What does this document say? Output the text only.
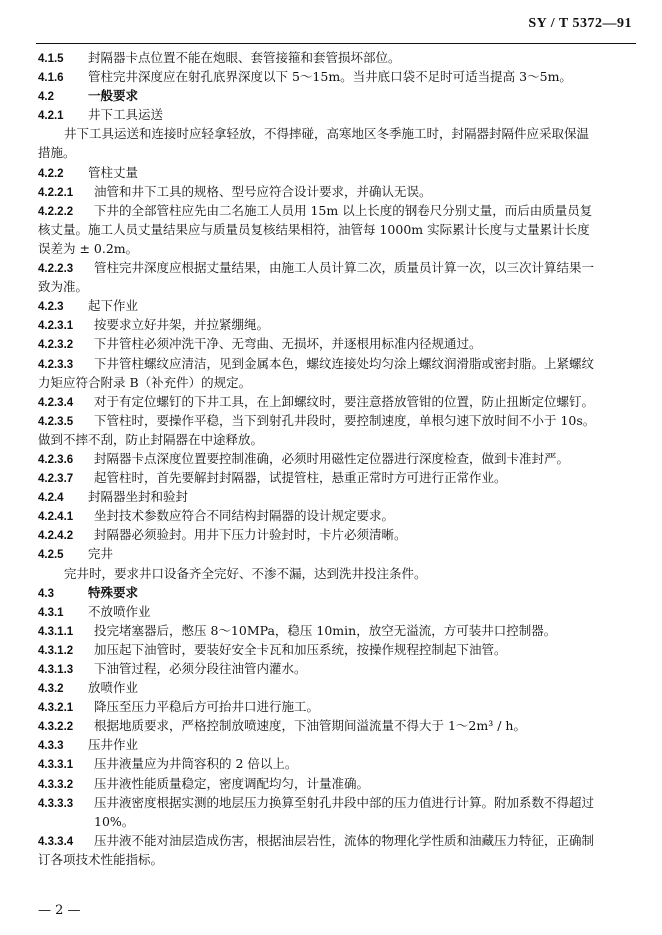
SY / T 5372—91
4.1.5 封隔器卡点位置不能在炮眼、套管接箍和套管损坏部位。
4.1.6 管柱完井深度应在射孔底界深度以下 5～15m。当井底口袋不足时可适当提高 3～5m。
4.2	一般要求
4.2.1 井下工具运送
井下工具运送和连接时应轻拿轻放，不得摔碰，高寒地区冬季施工时，封隔器封隔件应采取保温
措施。
4.2.2 管柱丈量
4.2.2.1 油管和井下工具的规格、型号应符合设计要求，并确认无误。
4.2.2.2 下井的全部管柱应先由二名施工人员用 15m 以上长度的钢卷尺分别丈量，而后由质量员复
核丈量。施工人员丈量结果应与质量员复核结果相符，油管每 1000m 实际累计长度与丈量累计长度
误差为 ± 0.2m。
4.2.2.3 管柱完井深度应根据丈量结果，由施工人员计算二次，质量员计算一次，以三次计算结果一
致为准。
4.2.3 起下作业
4.2.3.1 按要求立好井架，并拉紧绷绳。
4.2.3.2 下井管柱必须冲洗干净、无弯曲、无损坏，并逐根用标准内径规通过。
4.2.3.3 下井管柱螺纹应清洁，见到金属本色，螺纹连接处均匀涂上螺纹润滑脂或密封脂。上紧螺纹
力矩应符合附录 B（补充件）的规定。
4.2.3.4 对于有定位螺钉的下井工具，在上卸螺纹时，要注意搭放管钳的位置，防止扭断定位螺钉。
4.2.3.5 下管柱时，要操作平稳，当下到射孔井段时，要控制速度，单根匀速下放时间不小于 10s。
做到不摔不刮，防止封隔器在中途释放。
4.2.3.6 封隔器卡点深度位置要控制准确，必须时用磁性定位器进行深度检查，做到卡准封严。
4.2.3.7 起管柱时，首先要解封封隔器，试提管柱，悬重正常时方可进行正常作业。
4.2.4 封隔器坐封和验封
4.2.4.1 坐封技术参数应符合不同结构封隔器的设计规定要求。
4.2.4.2 封隔器必须验封。用井下压力计验封时，卡片必须清晰。
4.2.5 完井
完井时，要求井口设备齐全完好、不渗不漏，达到洗井投注条件。
4.3	特殊要求
4.3.1 不放喷作业
4.3.1.1 投完堵塞器后，憋压 8～10MPa，稳压 10min，放空无溢流，方可装井口控制器。
4.3.1.2 加压起下油管时，要装好安全卡瓦和加压系统，按操作规程控制起下油管。
4.3.1.3 下油管过程，必须分段往油管内灌水。
4.3.2 放喷作业
4.3.2.1 降压至压力平稳后方可抬井口进行施工。
4.3.2.2 根据地质要求，严格控制放喷速度，下油管期间溢流量不得大于 1～2m³ / h。
4.3.3 压井作业
4.3.3.1 压井液量应为井筒容积的 2 倍以上。
4.3.3.2 压井液性能质量稳定，密度调配均匀，计量准确。
4.3.3.3 压井液密度根据实测的地层压力换算至射孔井段中部的压力值进行计算。附加系数不得超过
10%。
4.3.3.4 压井液不能对油层造成伤害，根据油层岩性，流体的物理化学性质和油藏压力特征，正确制
订各项技术性能指标。
— 2 —
